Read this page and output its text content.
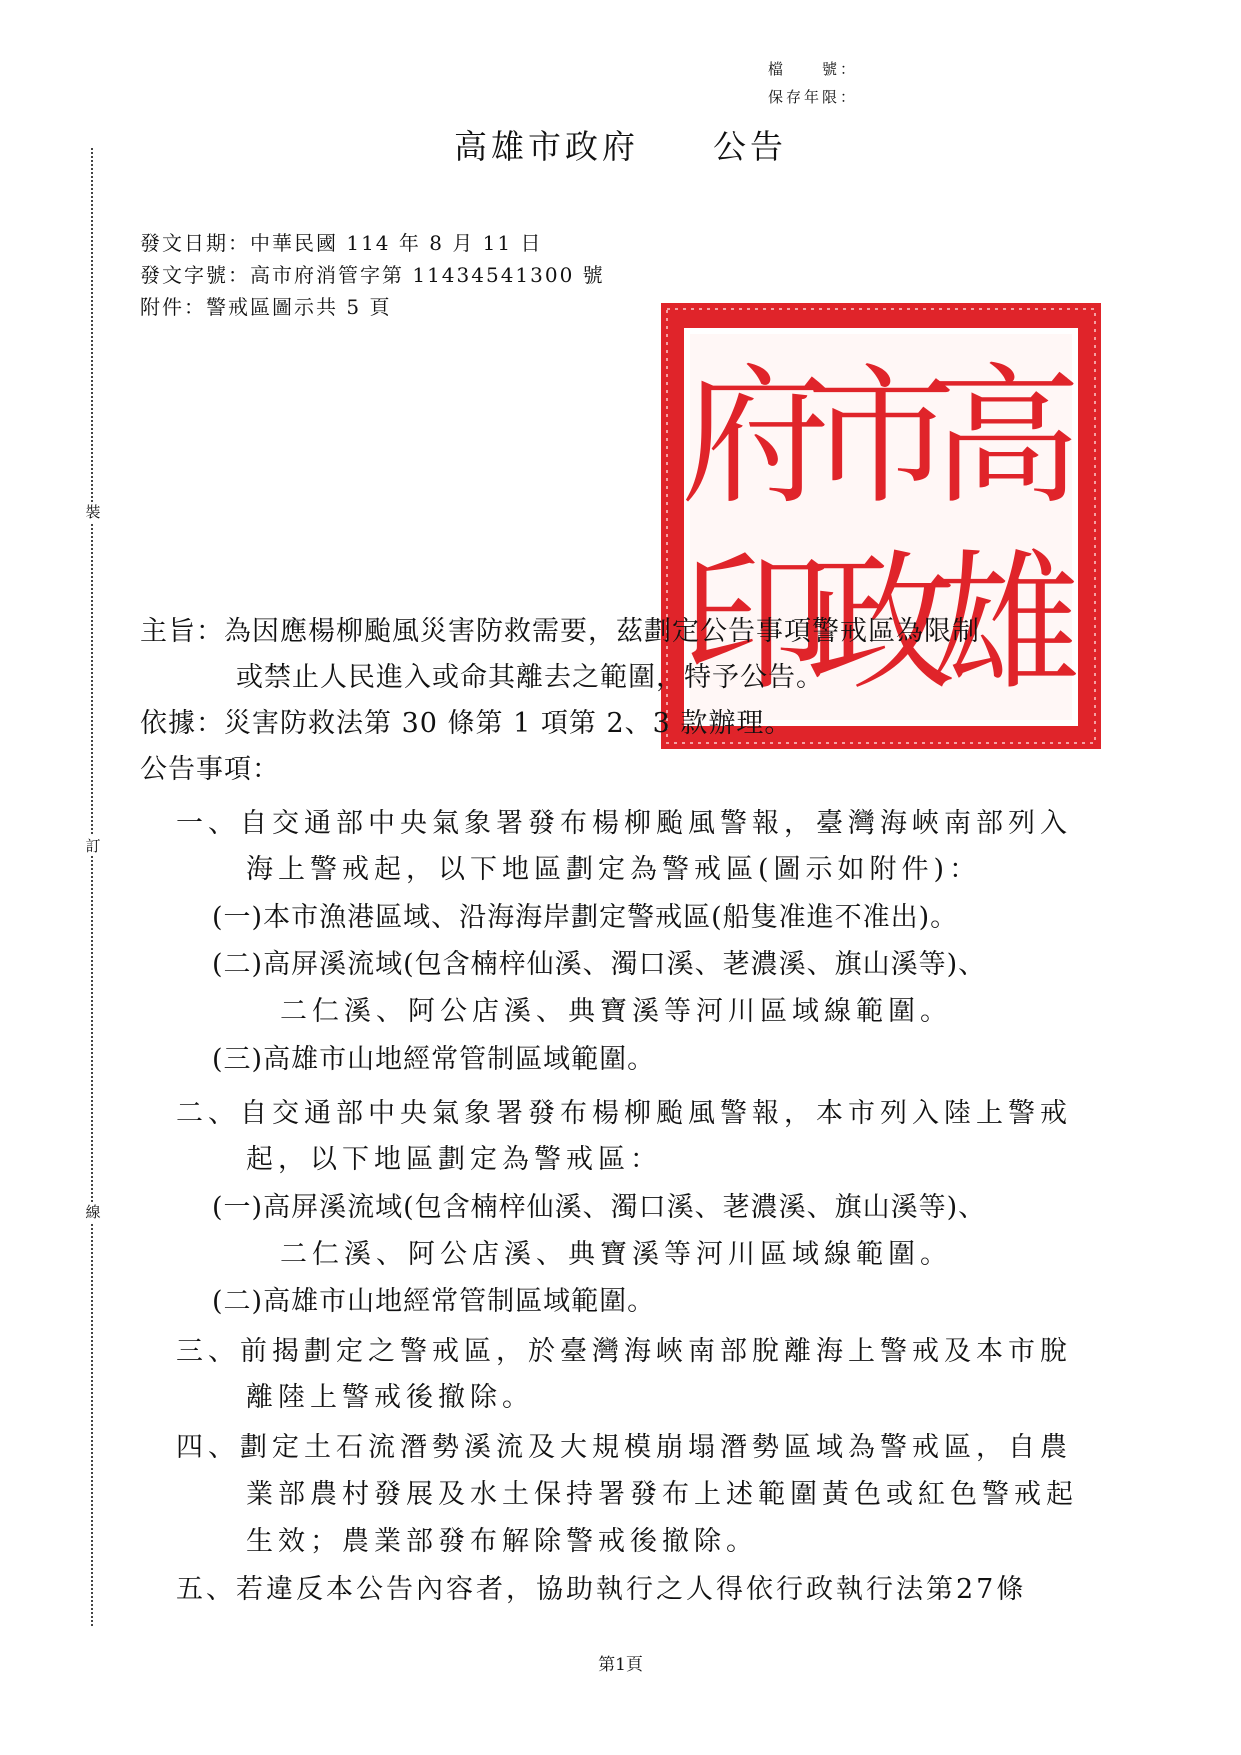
檔　　號：
保存年限：
高雄市政府　　公告
發文日期：中華民國 114 年 8 月 11 日
發文字號：高市府消管字第 11434541300 號
附件：警戒區圖示共 5 頁
裝
訂
線
高
雄
市
政
府
印
主旨：為因應楊柳颱風災害防救需要，茲劃定公告事項警戒區為限制
或禁止人民進入或命其離去之範圍，特予公告。
依據：災害防救法第 30 條第 1 項第 2、3 款辦理。
公告事項：
一、自交通部中央氣象署發布楊柳颱風警報，臺灣海峽南部列入
海上警戒起，以下地區劃定為警戒區(圖示如附件)：
(一)本市漁港區域、沿海海岸劃定警戒區(船隻准進不准出)。
(二)高屏溪流域(包含楠梓仙溪、濁口溪、荖濃溪、旗山溪等)、
二仁溪、阿公店溪、典寶溪等河川區域線範圍。
(三)高雄市山地經常管制區域範圍。
二、自交通部中央氣象署發布楊柳颱風警報，本市列入陸上警戒
起，以下地區劃定為警戒區：
(一)高屏溪流域(包含楠梓仙溪、濁口溪、荖濃溪、旗山溪等)、
二仁溪、阿公店溪、典寶溪等河川區域線範圍。
(二)高雄市山地經常管制區域範圍。
三、前揭劃定之警戒區，於臺灣海峽南部脫離海上警戒及本市脫
離陸上警戒後撤除。
四、劃定土石流潛勢溪流及大規模崩塌潛勢區域為警戒區，自農
業部農村發展及水土保持署發布上述範圍黃色或紅色警戒起
生效；農業部發布解除警戒後撤除。
五、若違反本公告內容者，協助執行之人得依行政執行法第27條
第1頁
